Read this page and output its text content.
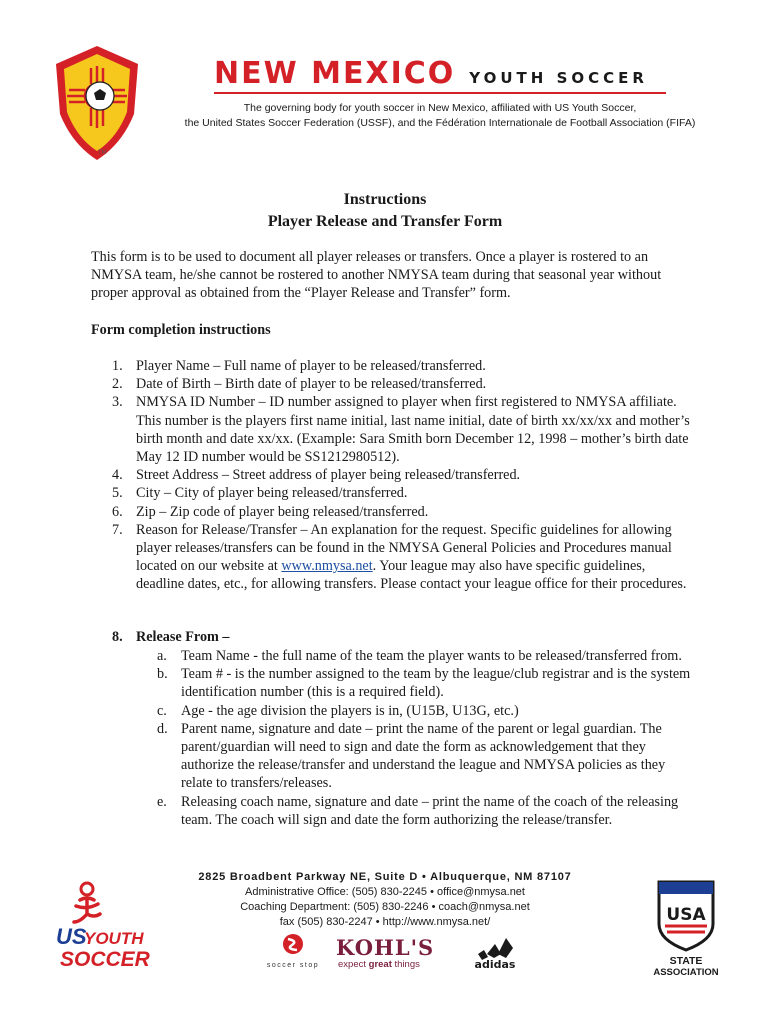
TM
NEW MEXICO YOUTH SOCCER
The governing body for youth soccer in New Mexico, affiliated with US Youth Soccer,
the United States Soccer Federation (USSF), and the Fédération Internationale de Football Association (FIFA)
Instructions
Player Release and Transfer Form

This form is to be used to document all player releases or transfers. Once a player is rostered to an NMYSA team, he/she cannot be rostered to another NMYSA team during that seasonal year without proper approval as obtained from the “Player Release and Transfer” form.

Form completion instructions
1. Player Name – Full name of player to be released/transferred.
2. Date of Birth – Birth date of player to be released/transferred.
3. NMYSA ID Number – ID number assigned to player when first registered to NMYSA affiliate. This number is the players first name initial, last name initial, date of birth xx/xx/xx and mother’s birth month and date xx/xx. (Example: Sara Smith born December 12, 1998 – mother’s birth date May 12 ID number would be SS1212980512).
4. Street Address – Street address of player being released/transferred.
5. City – City of player being released/transferred.
6. Zip – Zip code of player being released/transferred.
7. Reason for Release/Transfer – An explanation for the request. Specific guidelines for allowing player releases/transfers can be found in the NMYSA General Policies and Procedures manual located on our website at www.nmysa.net. Your league may also have specific guidelines, deadline dates, etc., for allowing transfers. Please contact your league office for their procedures.
8. Release From –
a. Team Name - the full name of the team the player wants to be released/transferred from.
b. Team # - is the number assigned to the team by the league/club registrar and is the system identification number (this is a required field).
c. Age - the age division the players is in, (U15B, U13G, etc.)
d. Parent name, signature and date – print the name of the parent or legal guardian. The parent/guardian will need to sign and date the form as acknowledgement that they authorize the release/transfer and understand the league and NMYSA policies as they relate to transfers/releases.
e. Releasing coach name, signature and date – print the name of the coach of the releasing team. The coach will sign and date the form authorizing the release/transfer.
US
YOUTH
SOCCER
2825 Broadbent Parkway NE, Suite D • Albuquerque, NM 87107
Administrative Office: (505) 830-2245 • office@nmysa.net
Coaching Department: (505) 830-2246 • coach@nmysa.net
fax (505) 830-2247 • http://www.nmysa.net/
soccer stop
KOHL'S
expect great things	adidas
USA
STATE
ASSOCIATION
